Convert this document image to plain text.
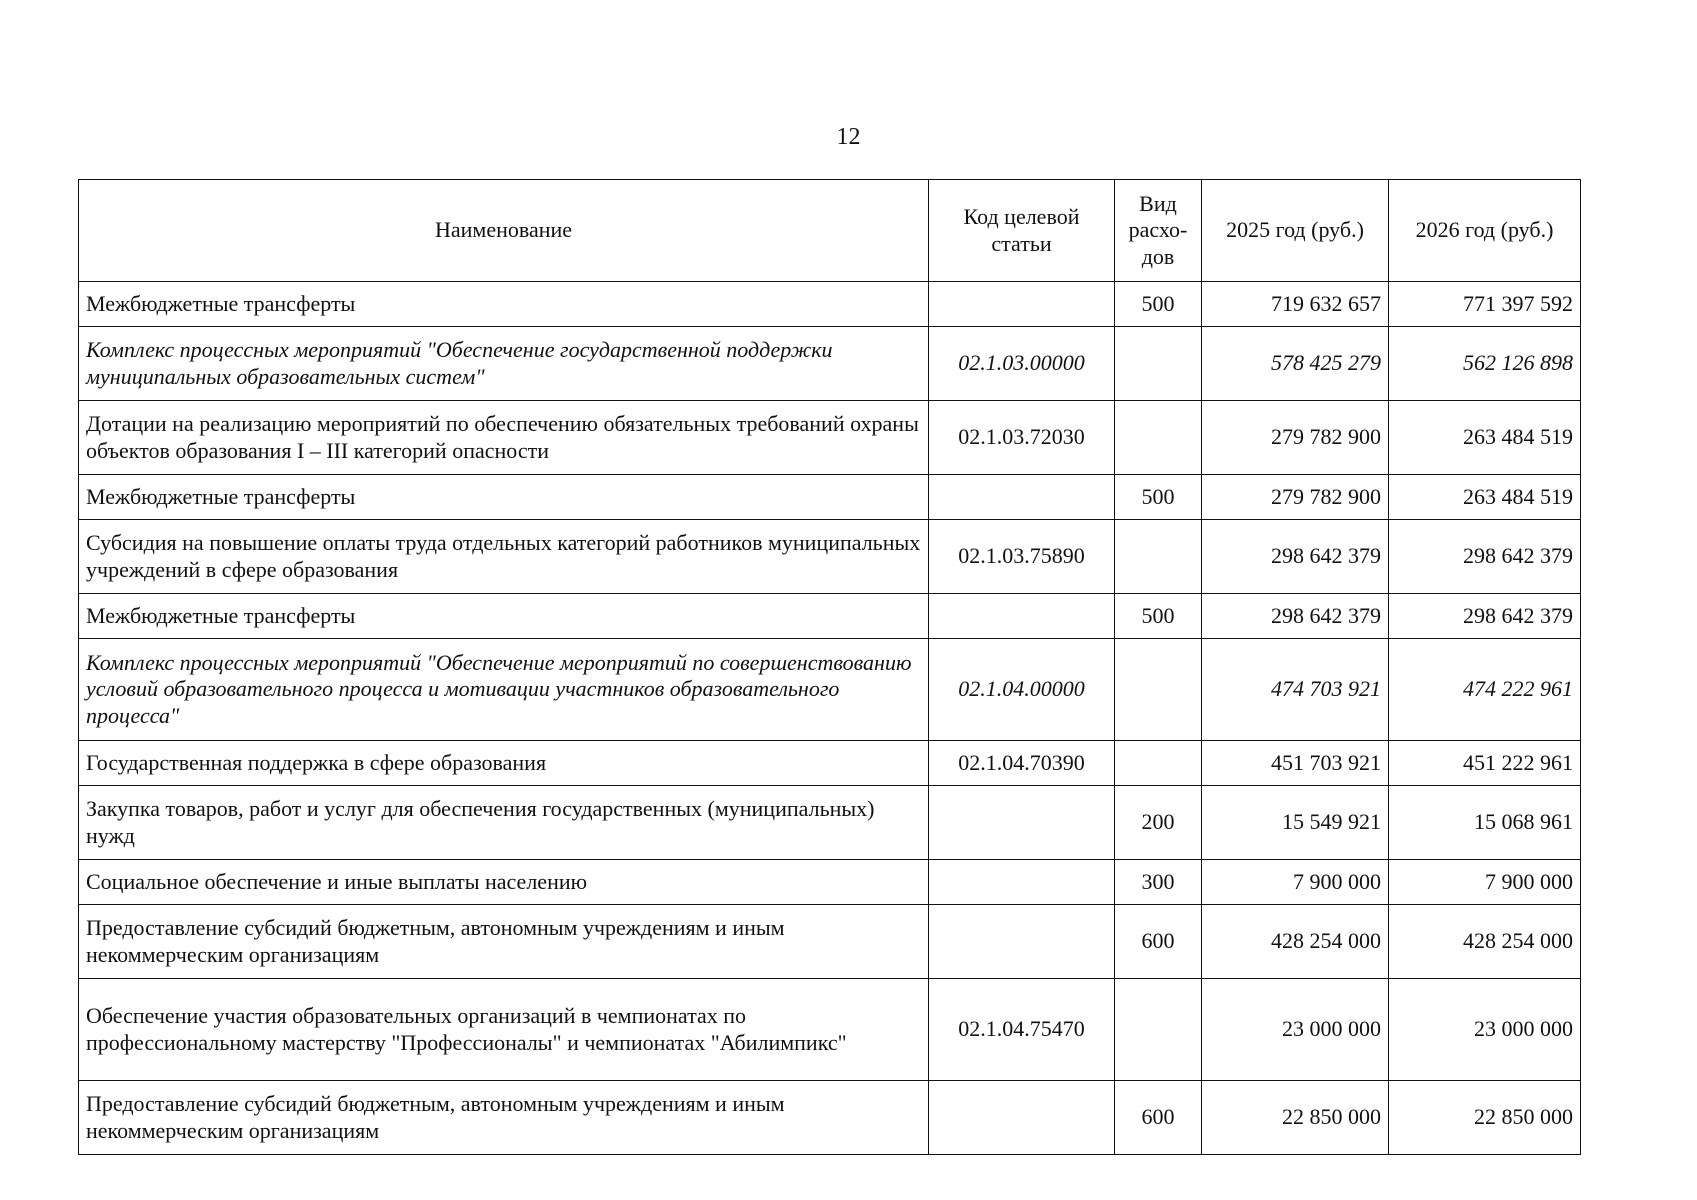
12
Наименование	Код целевой статьи	Вид расхо-дов	2025 год (руб.)	2026 год (руб.)
Межбюджетные трансферты		500	719 632 657	771 397 592
Комплекс процессных мероприятий "Обеспечение государственной поддержки муниципальных образовательных систем"	02.1.03.00000		578 425 279	562 126 898
Дотации на реализацию мероприятий по обеспечению обязательных требований охраны объектов образования I – III категорий опасности	02.1.03.72030		279 782 900	263 484 519
Межбюджетные трансферты		500	279 782 900	263 484 519
Субсидия на повышение оплаты труда отдельных категорий работников муниципальных учреждений в сфере образования	02.1.03.75890		298 642 379	298 642 379
Межбюджетные трансферты		500	298 642 379	298 642 379
Комплекс процессных мероприятий "Обеспечение мероприятий по совершенствованию условий образовательного процесса и мотивации участников образовательного процесса"	02.1.04.00000		474 703 921	474 222 961
Государственная поддержка в сфере образования	02.1.04.70390		451 703 921	451 222 961
Закупка товаров, работ и услуг для обеспечения государственных (муниципальных) нужд		200	15 549 921	15 068 961
Социальное обеспечение и иные выплаты населению		300	7 900 000	7 900 000
Предоставление субсидий бюджетным, автономным учреждениям и иным некоммерческим организациям		600	428 254 000	428 254 000
Обеспечение участия образовательных организаций в чемпионатах по профессиональному мастерству "Профессионалы" и чемпионатах "Абилимпикс"	02.1.04.75470		23 000 000	23 000 000
Предоставление субсидий бюджетным, автономным учреждениям и иным некоммерческим организациям		600	22 850 000	22 850 000
